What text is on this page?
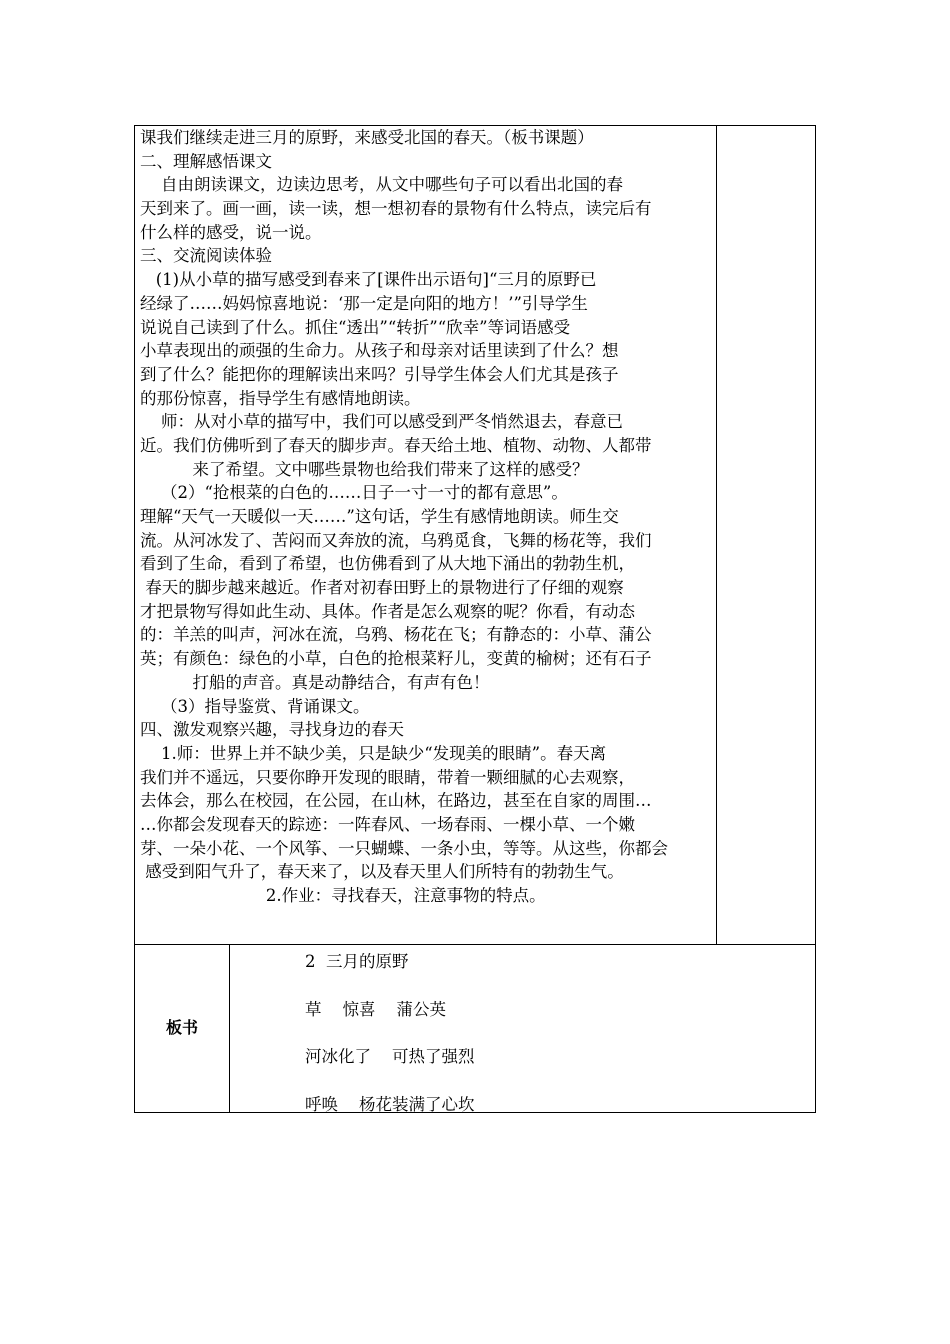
课我们继续走进三月的原野，来感受北国的春天。（板书课题）
二、理解感悟课文
自由朗读课文，边读边思考，从文中哪些句子可以看出北国的春
天到来了。画一画，读一读，想一想初春的景物有什么特点，读完后有
什么样的感受，说一说。
三、交流阅读体验
(1)从小草的描写感受到春来了[课件出示语句]“三月的原野已
经绿了……妈妈惊喜地说：‘那一定是向阳的地方！’”引导学生
说说自己读到了什么。抓住“透出”“转折”“欣幸”等词语感受
小草表现出的顽强的生命力。从孩子和母亲对话里读到了什么？想
到了什么？能把你的理解读出来吗？引导学生体会人们尤其是孩子
的那份惊喜，指导学生有感情地朗读。
师：从对小草的描写中，我们可以感受到严冬悄然退去，春意已
近。我们仿佛听到了春天的脚步声。春天给土地、植物、动物、人都带
来了希望。文中哪些景物也给我们带来了这样的感受？
（2）“抢根菜的白色的……日子一寸一寸的都有意思”。
理解“天气一天暖似一天……”这句话，学生有感情地朗读。师生交
流。从河冰发了、苦闷而又奔放的流，乌鸦觅食，飞舞的杨花等，我们
看到了生命，看到了希望，也仿佛看到了从大地下涌出的勃勃生机，
春天的脚步越来越近。作者对初春田野上的景物进行了仔细的观察
才把景物写得如此生动、具体。作者是怎么观察的呢？你看，有动态
的：羊羔的叫声，河冰在流，乌鸦、杨花在飞；有静态的：小草、蒲公
英；有颜色：绿色的小草，白色的抢根菜籽儿，变黄的榆树；还有石子
打船的声音。真是动静结合，有声有色！
（3）指导鉴赏、背诵课文。
四、激发观察兴趣，寻找身边的春天
1.师：世界上并不缺少美，只是缺少“发现美的眼睛”。春天离
我们并不遥远，只要你睁开发现的眼睛，带着一颗细腻的心去观察，
去体会，那么在校园，在公园，在山林，在路边，甚至在自家的周围…
…你都会发现春天的踪迹：一阵春风、一场春雨、一棵小草、一个嫩
芽、一朵小花、一个风筝、一只蝴蝶、一条小虫，等等。从这些，你都会
感受到阳气升了，春天来了，以及春天里人们所特有的勃勃生气。
2.作业：寻找春天，注意事物的特点。
板书
2  三月的原野
草    惊喜    蒲公英
河冰化了    可热了强烈
呼唤    杨花装满了心坎
